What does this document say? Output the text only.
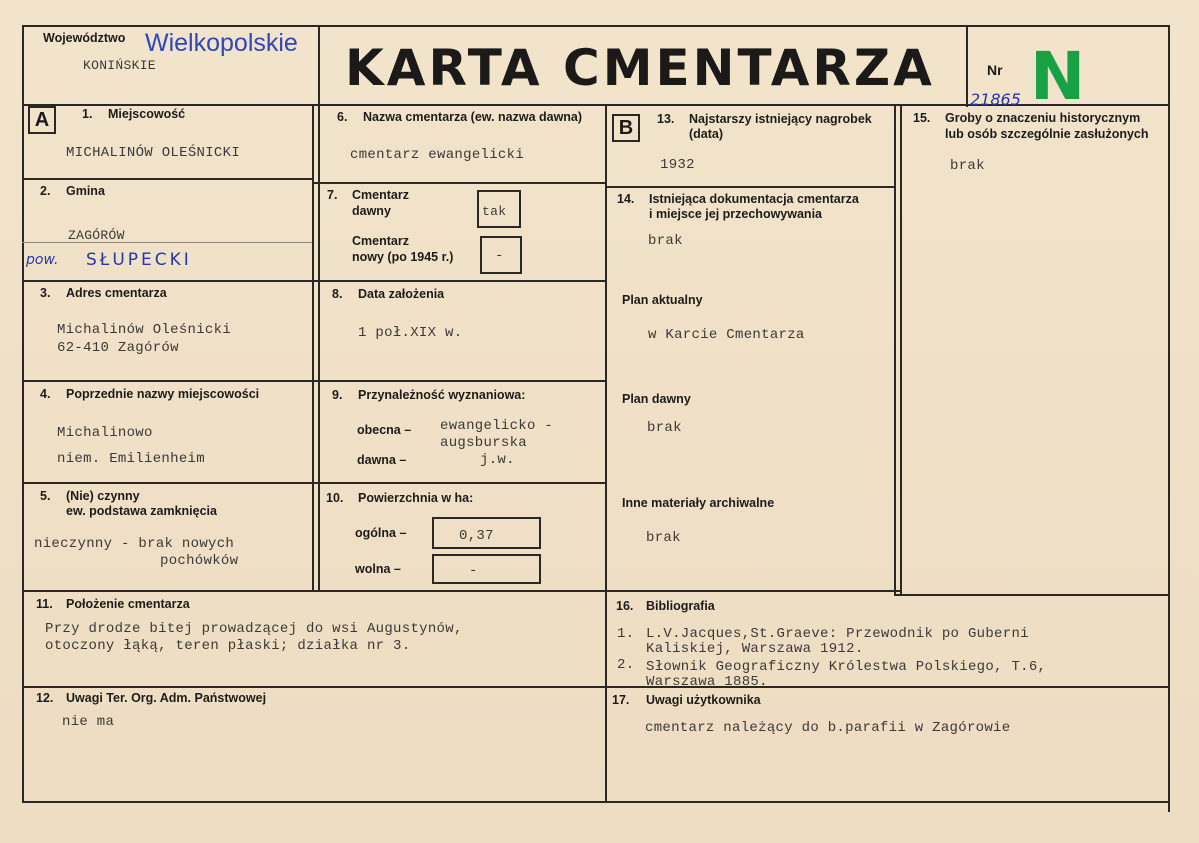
Województwo Wielkopolskie
KONIŃSKIE	KARTA CMENTARZA	Nr N
21865
A	B
1. Miejscowość
MICHALINÓW OLEŚNICKI
2. Gmina
ZAGÓRÓW
pow. SŁUPECKI
3. Adres cmentarza
Michalinów Oleśnicki
62-410 Zagórów
4. Poprzednie nazwy miejscowości
Michalinowo
niem. Emilienheim
5. (Nie) czynny
ew. podstawa zamknięcia
nieczynny - brak nowych
pochówków
6. Nazwa cmentarza (ew. nazwa dawna)
cmentarz ewangelicki
7. Cmentarz
dawny	tak
Cmentarz
nowy (po 1945 r.)	-
8. Data założenia
1 poł.XIX w.
9. Przynależność wyznaniowa:
obecna – ewangelicko -
augsburska
dawna –	j.w.
10. Powierzchnia w ha:
ogólna –	0,37
wolna –	-
13. Najstarszy istniejący nagrobek
(data)
1932
14. Istniejąca dokumentacja cmentarza
i miejsce jej przechowywania
brak
Plan aktualny
w Karcie Cmentarza
Plan dawny
brak
Inne materiały archiwalne
brak
15. Groby o znaczeniu historycznym
lub osób szczególnie zasłużonych
brak
11. Położenie cmentarza
Przy drodze bitej prowadzącej do wsi Augustynów,
otoczony łąką, teren płaski; działka nr 3.
16. Bibliografia
1. L.V.Jacques,St.Graeve: Przewodnik po Guberni
Kaliskiej, Warszawa 1912.
2. Słownik Geograficzny Królestwa Polskiego, T.6,
Warszawa 1885.
12. Uwagi Ter. Org. Adm. Państwowej
nie ma
17. Uwagi użytkownika
cmentarz należący do b.parafii w Zagórowie
